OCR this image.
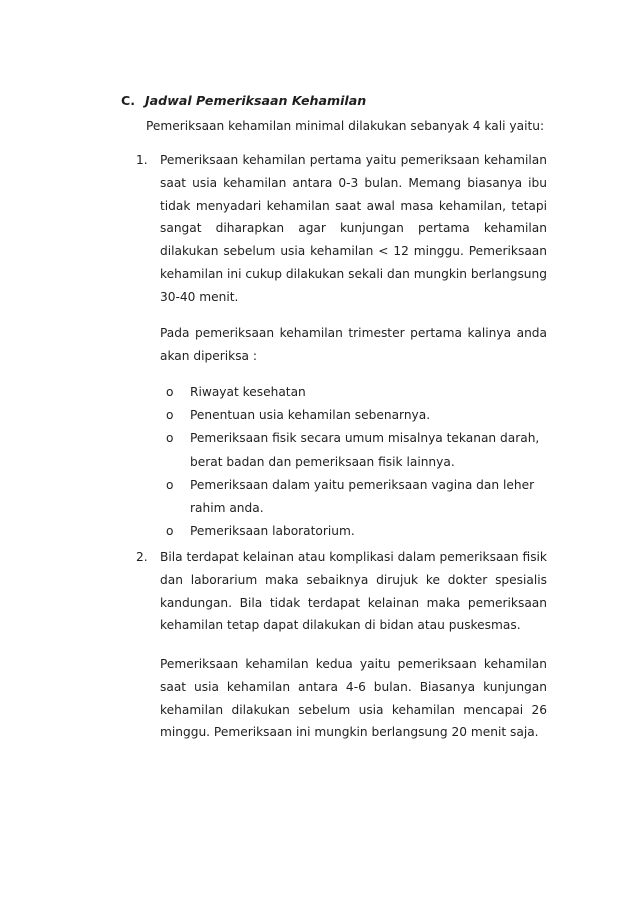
C. Jadwal Pemeriksaan Kehamilan
Pemeriksaan kehamilan minimal dilakukan sebanyak 4 kali yaitu:
1. Pemeriksaan kehamilan pertama yaitu pemeriksaan kehamilan saat usia kehamilan antara 0-3 bulan. Memang biasanya ibu tidak menyadari kehamilan saat awal masa kehamilan, tetapi sangat diharapkan agar kunjungan pertama kehamilan dilakukan sebelum usia kehamilan < 12 minggu. Pemeriksaan kehamilan ini cukup dilakukan sekali dan mungkin berlangsung 30-40 menit.
Pada pemeriksaan kehamilan trimester pertama kalinya anda akan diperiksa :
o Riwayat kesehatan
o Penentuan usia kehamilan sebenarnya.
o Pemeriksaan fisik secara umum misalnya tekanan darah, berat badan dan pemeriksaan fisik lainnya.
o Pemeriksaan dalam yaitu pemeriksaan vagina dan leher rahim anda.
o Pemeriksaan laboratorium.
2. Bila terdapat kelainan atau komplikasi dalam pemeriksaan fisik dan laborarium maka sebaiknya dirujuk ke dokter spesialis kandungan. Bila tidak terdapat kelainan maka pemeriksaan kehamilan tetap dapat dilakukan di bidan atau puskesmas.
Pemeriksaan kehamilan kedua yaitu pemeriksaan kehamilan saat usia kehamilan antara 4-6 bulan. Biasanya kunjungan kehamilan dilakukan sebelum usia kehamilan mencapai 26 minggu. Pemeriksaan ini mungkin berlangsung 20 menit saja.
